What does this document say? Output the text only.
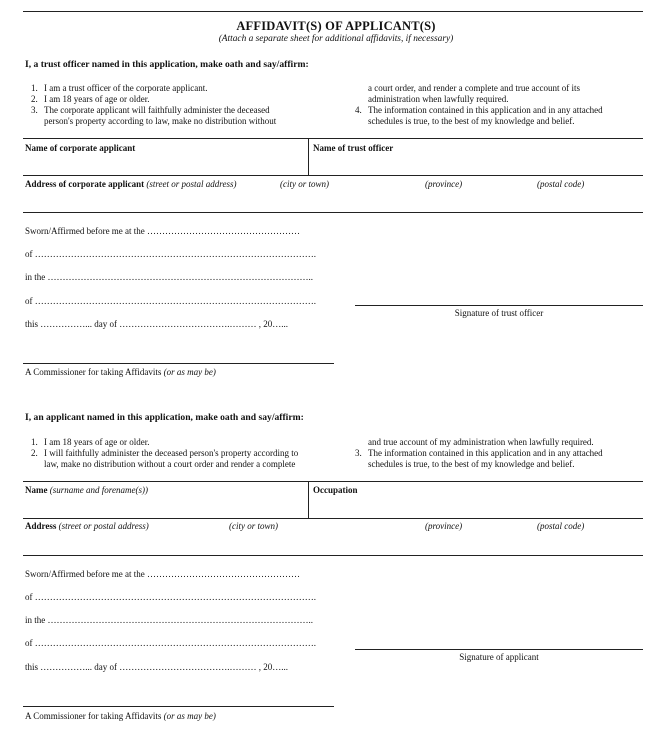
AFFIDAVIT(S) OF APPLICANT(S)
(Attach a separate sheet for additional affidavits, if necessary)
I, a trust officer named in this application, make oath and say/affirm:
1. I am a trust officer of the corporate applicant.
2. I am 18 years of age or older.
3. The corporate applicant will faithfully administer the deceased
person's property according to law, make no distribution without
a court order, and render a complete and true account of its
administration when lawfully required.
4. The information contained in this application and in any attached
schedules is true, to the best of my knowledge and belief.
Name of corporate applicant	Name of trust officer
Address of corporate applicant (street or postal address)	(city or town)	(province)	(postal code)
Sworn/Affirmed before me at the ……………………………………………
of ………………………………………………………………………………….
in the ……………………………………………………………………………..
of ………………………………………………………………………………….
this ……………... day of ……………………………….……… , 20…...
Signature of trust officer
A Commissioner for taking Affidavits (or as may be)
I, an applicant named in this application, make oath and say/affirm:
1. I am 18 years of age or older.
2. I will faithfully administer the deceased person's property according to
law, make no distribution without a court order and render a complete
and true account of my administration when lawfully required.
3. The information contained in this application and in any attached
schedules is true, to the best of my knowledge and belief.
Name (surname and forename(s))	Occupation
Address (street or postal address)	(city or town)	(province)	(postal code)
Sworn/Affirmed before me at the ……………………………………………
of ………………………………………………………………………………….
in the ……………………………………………………………………………..
of ………………………………………………………………………………….
this ……………... day of ……………………………….……… , 20…...
Signature of applicant
A Commissioner for taking Affidavits (or as may be)
